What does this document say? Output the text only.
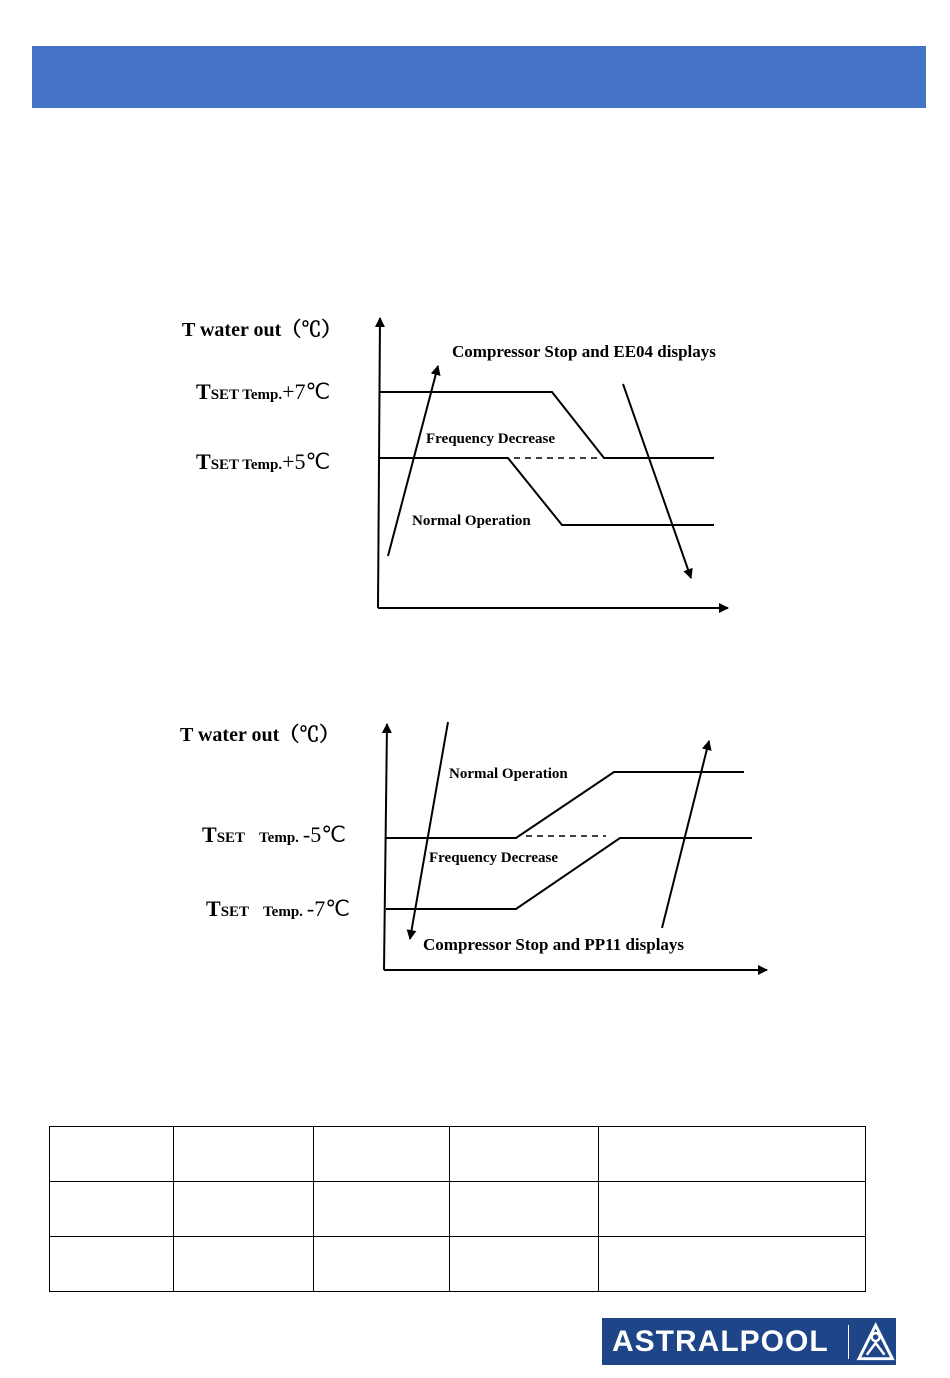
T water out（℃）
TSET Temp.+7℃
TSET Temp.+5℃
Compressor Stop and EE04 displays
Frequency Decrease
Normal Operation
T water out（℃）
TSET Temp. -5℃
TSET Temp. -7℃
Normal Operation
Frequency Decrease
Compressor Stop and PP11 displays

ASTRALPOOL
